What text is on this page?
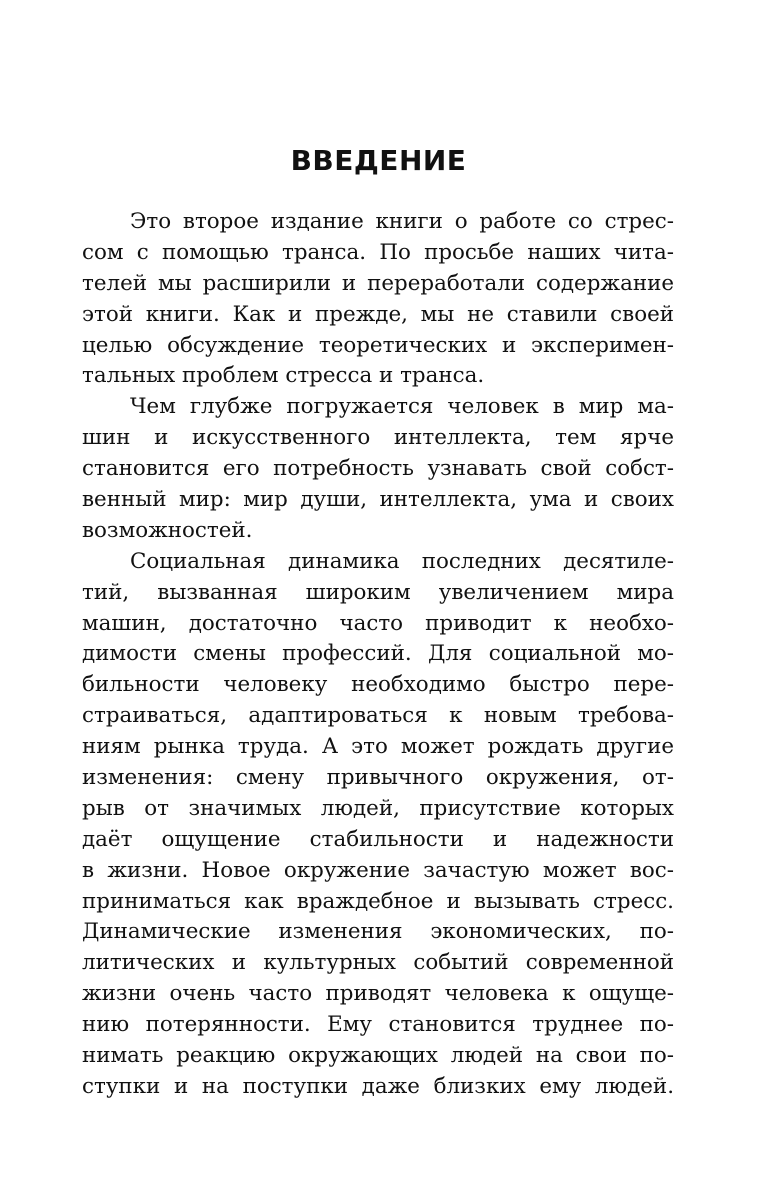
ВВЕДЕНИЕ
Это второе издание книги о работе со стрес-
сом с помощью транса. По просьбе наших чита-
телей мы расширили и переработали содержание
этой книги. Как и прежде, мы не ставили своей
целью обсуждение теоретических и эксперимен-
тальных проблем стресса и транса.
Чем глубже погружается человек в мир ма-
шин и искусственного интеллекта, тем ярче
становится его потребность узнавать свой собст-
венный мир: мир души, интеллекта, ума и своих
возможностей.
Социальная динамика последних десятиле-
тий, вызванная широким увеличением мира
машин, достаточно часто приводит к необхо-
димости смены профессий. Для социальной мо-
бильности человеку необходимо быстро пере-
страиваться, адаптироваться к новым требова-
ниям рынка труда. А это может рождать другие
изменения: смену привычного окружения, от-
рыв от значимых людей, присутствие которых
даёт ощущение стабильности и надежности
в жизни. Новое окружение зачастую может вос-
приниматься как враждебное и вызывать стресс.
Динамические изменения экономических, по-
литических и культурных событий современной
жизни очень часто приводят человека к ощуще-
нию потерянности. Ему становится труднее по-
нимать реакцию окружающих людей на свои по-
ступки и на поступки даже близких ему людей.
